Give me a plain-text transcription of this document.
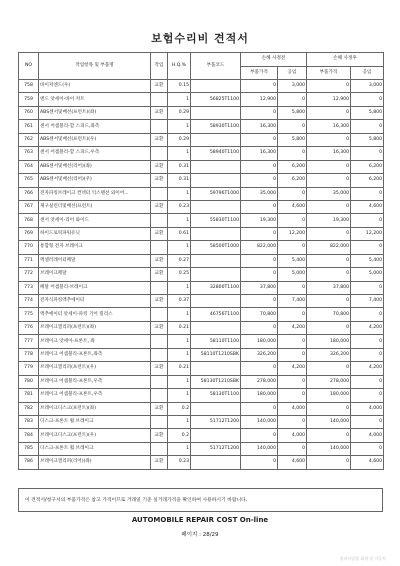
보험수리비 견적서
NO	작업항목 및 부품명	작업	H.Q.%	부품코드	손해 사정전		손해 사정후	
					부품가격	공임	부품가격	공임
758	바이저엔드(우)	교환	0.15		0	3,000	0	3,000
759	엔드 앗세이-바이 저트		1	56825T1100	12,900	0	12,900	0
760	ABS센서및배선(프런트)(좌)	교환	0.29		0	5,800	0	5,800
761	센서 어셈블리-할 스피드,좌측		1	58930T1100	16,300	0	16,300	0
762	ABS센서및배선(프런트)(우)	교환	0.29		0	5,800	0	5,800
763	센서 어셈블리-할 스피드,우측		1	58940T1100	16,300	0	16,300	0
764	ABS센서및배선(리어)(좌)	교환	0.31		0	6,200	0	6,200
765	ABS센서및배선(리어)(우)	교환	0.31		0	6,200	0	6,200
766	전자파킹브레이크 컨넥터 익스텐션 와이어...		1	59796T1000	35,000	0	35,000	0
767	제구실린더및배선(프런트)	교환	0.23		0	4,600	0	4,600
768	센서 앗세이-리어 와이드		1	55830T1100	19,300	0	19,300	0
769	하이드로릭파워유닛	교환	0.61		0	12,200	0	12,200
770	통합형 전자 브레이크		1	58500T1000	822,000	0	822,000	0
771	액셀러레이터페달	교환	0.27		0	5,400	0	5,400
772	브레이크페달	교환	0.25		0	5,000	0	5,000
773	페달 어셈블리-브레이크		1	32800T1100	37,800	0	37,800	0
774	전자식파킹액추에이터	교환	0.37		0	7,400	0	7,400
775	액추에이터 앗세이-파킹 기어 릴리스		1	46756T1100	70,800	0	70,800	0
776	브레이크캘리퍼(프런트)(좌)	교환	0.21		0	4,200	0	4,200
777	브레이크 앗세이-프론트, 좌		1	58110T1100	180,000	0	180,000	0
778	브레이크 어셈블리-프론트,좌측		1	58110T1210SBK	326,200	0	326,200	0
779	브레이크캘리퍼(프런트)(우)	교환	0.21		0	4,200	0	4,200
780	브레이크 어셈블리-프론트,우측		1	58130T1210SBK	278,000	0	278,000	0
781	브레이크 어셈블리-프론트,우측		1	58130T1100	180,000	0	180,000	0
782	브레이크디스크(프런트)(좌)	교환	0.2		0	4,000	0	4,000
783	디스크-프론트 휠 브레이크		1	51712T1200	140,000	0	140,000	0
784	브레이크디스크(프런트)(우)	교환	0.2		0	4,000	0	4,000
785	디스크-프론트 휠 브레이크		1	51712T1200	140,000	0	140,000	0
786	브레이크캘리퍼(리어)(좌)	교환	0.23		0	4,600	0	4,600
이 견적서/청구서의 부품가격은 참고 가격이므로 거래일 기준 실거래가격을 확인하여 사용하시기 바랍니다.
AUTOMOBILE REPAIR COST On-line
페이지 : 28/29
정비사업장 회계 및 자동차
